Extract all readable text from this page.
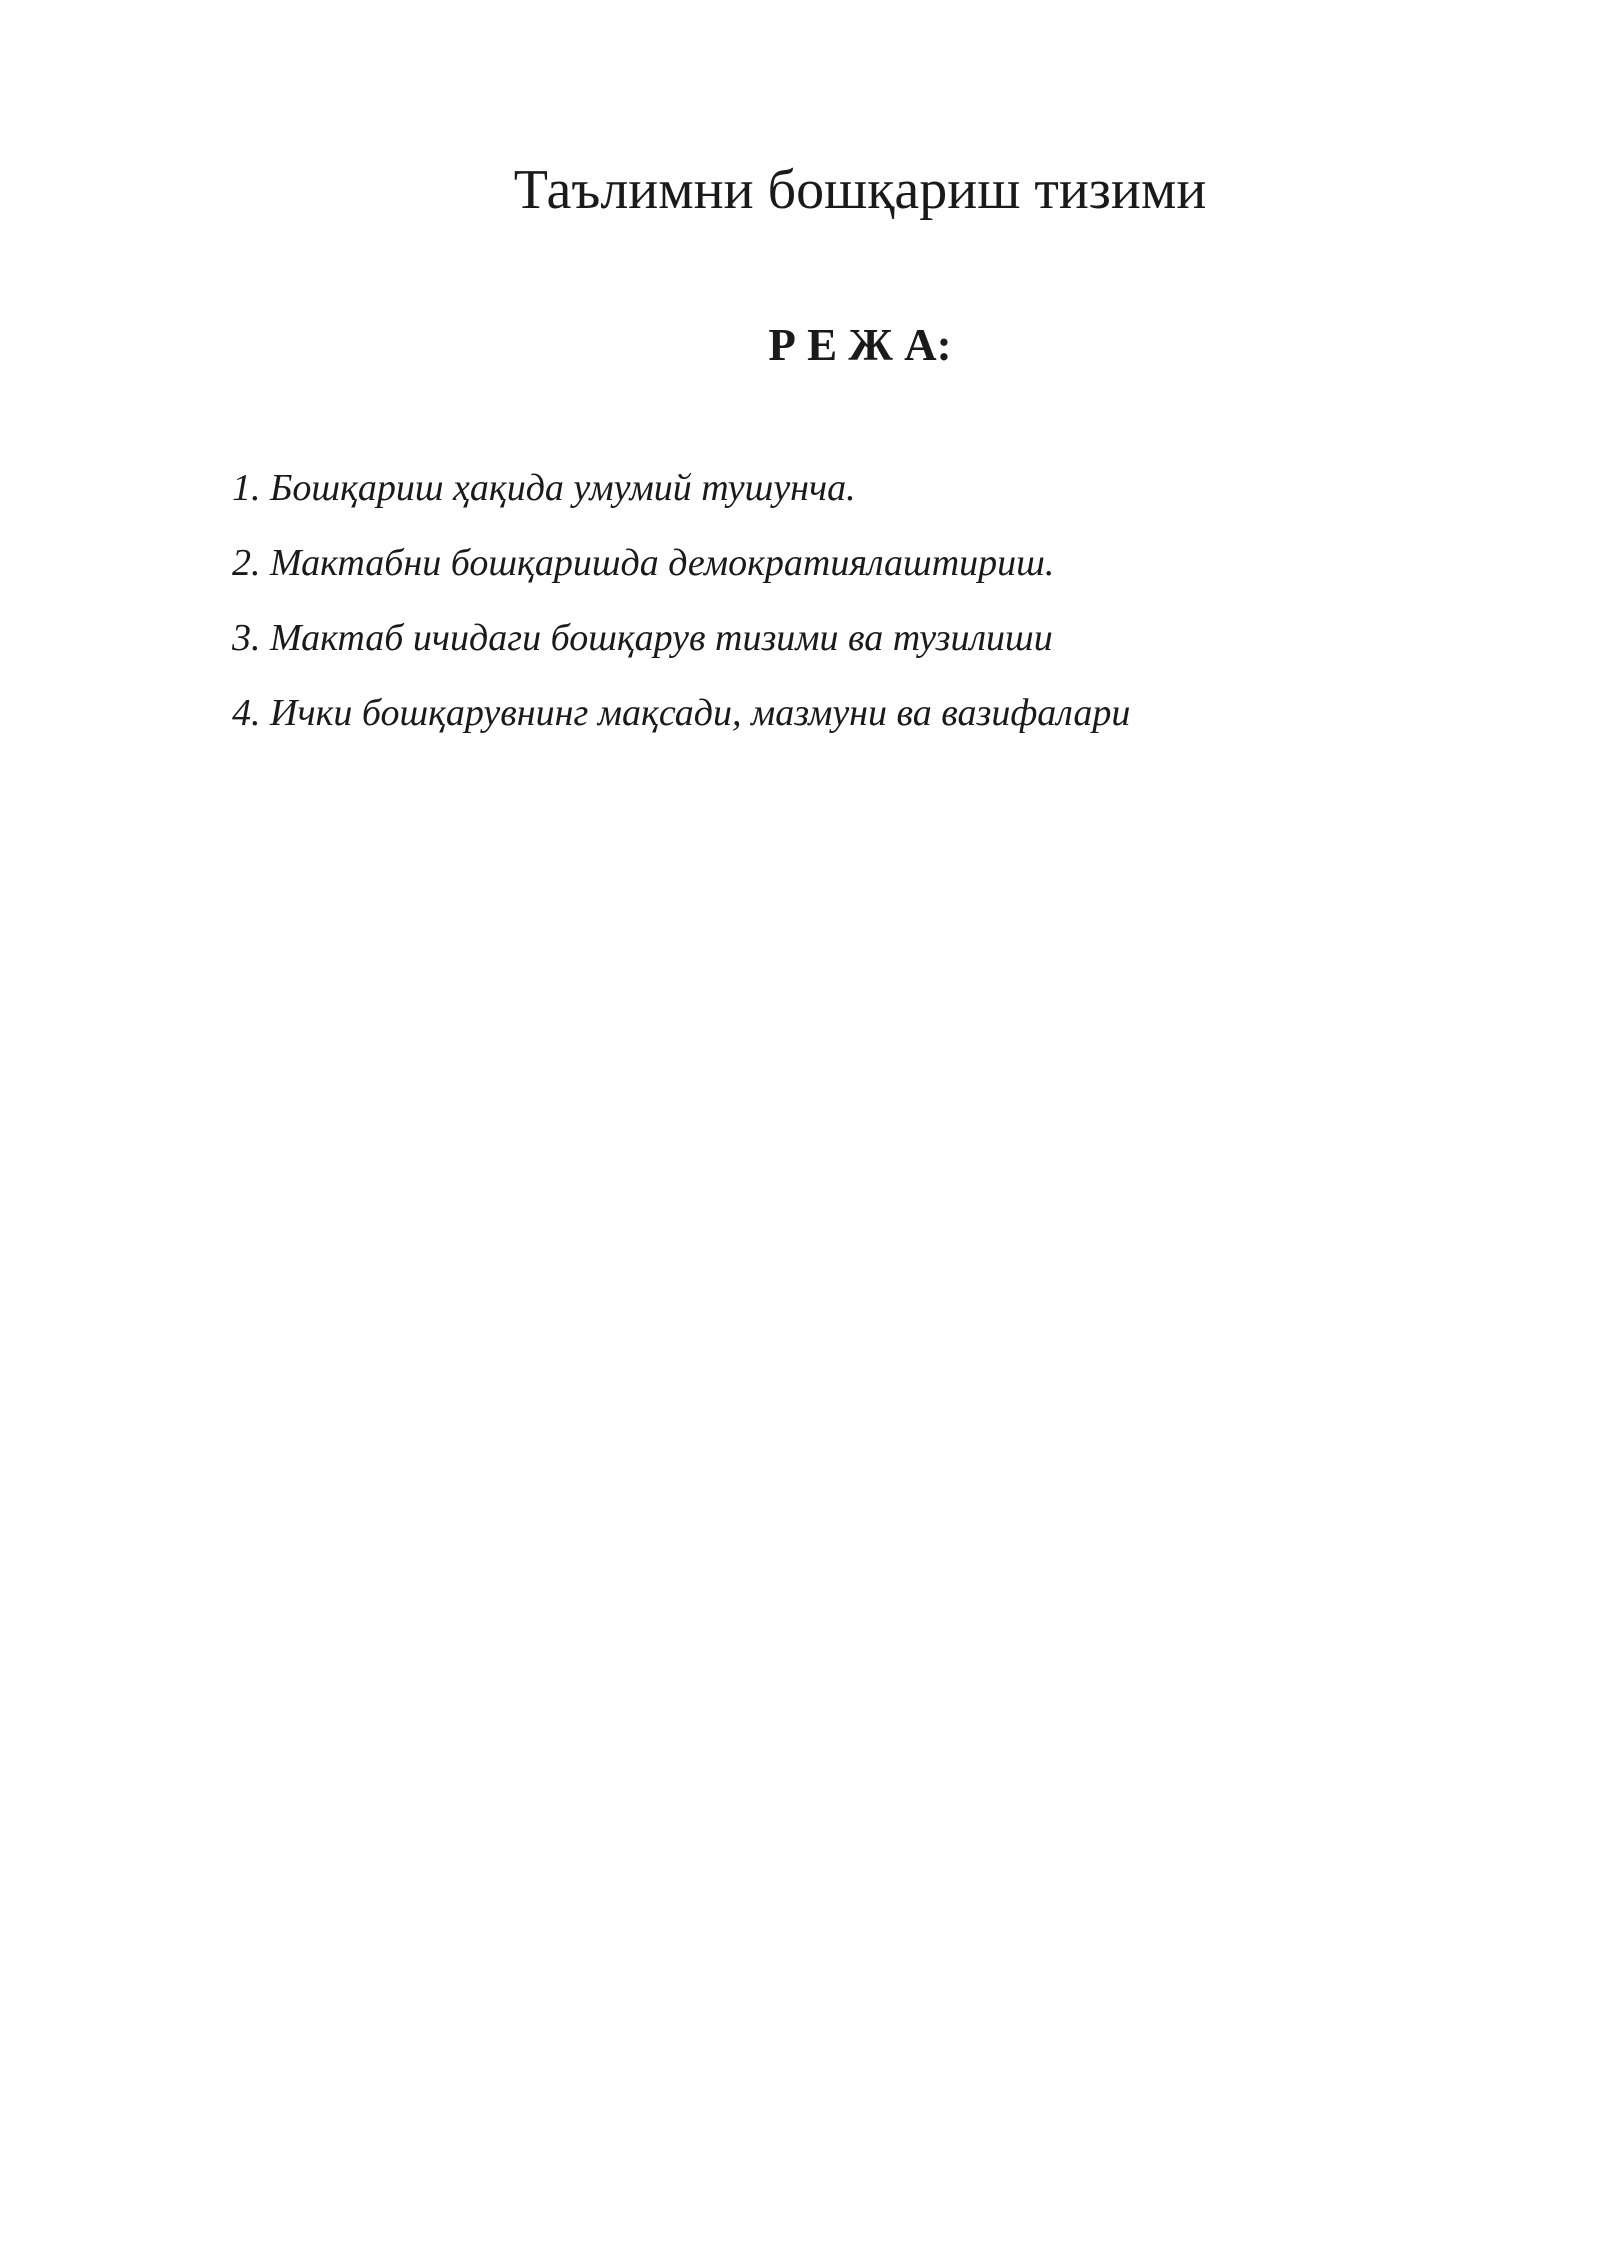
Таълимни бошқариш тизими
Р Е Ж А:
1. Бошқариш ҳақида умумий тушунча.
2. Мактабни бошқаришда демократиялаштириш.
3. Мактаб ичидаги бошқарув тизими ва тузилиши
4. Ички бошқарувнинг мақсади, мазмуни ва вазифалари
